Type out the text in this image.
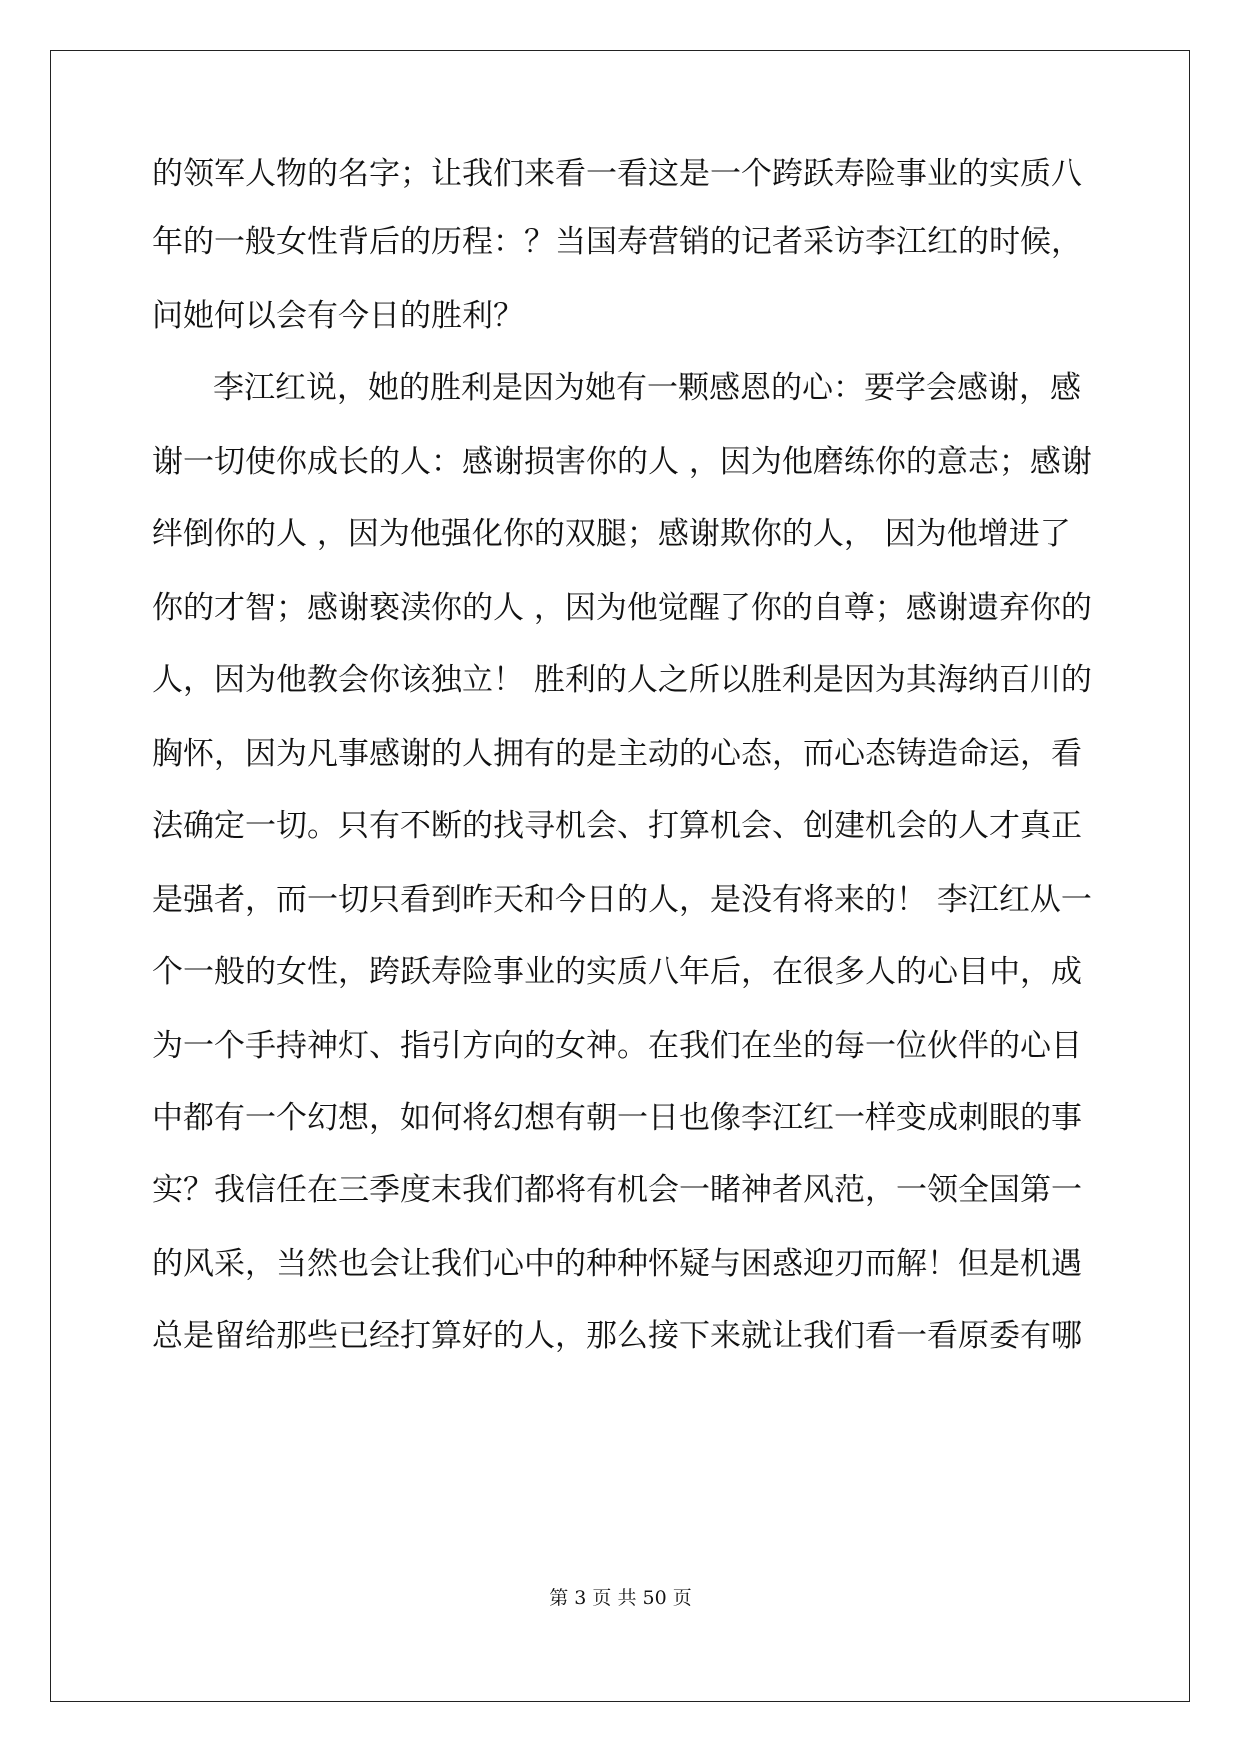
的领军人物的名字；让我们来看一看这是一个跨跃寿险事业的实质八
年的一般女性背后的历程：？当国寿营销的记者采访李江红的时候，
问她何以会有今日的胜利？
李江红说，她的胜利是因为她有一颗感恩的心：要学会感谢，感
谢一切使你成长的人：感谢损害你的人 ，因为他磨练你的意志；感谢
绊倒你的人 ，因为他强化你的双腿；感谢欺你的人， 因为他增进了
你的才智；感谢亵渎你的人 ，因为他觉醒了你的自尊；感谢遗弃你的
人，因为他教会你该独立！ 胜利的人之所以胜利是因为其海纳百川的
胸怀，因为凡事感谢的人拥有的是主动的心态，而心态铸造命运，看
法确定一切。只有不断的找寻机会、打算机会、创建机会的人才真正
是强者，而一切只看到昨天和今日的人，是没有将来的！ 李江红从一
个一般的女性，跨跃寿险事业的实质八年后，在很多人的心目中，成
为一个手持神灯、指引方向的女神。在我们在坐的每一位伙伴的心目
中都有一个幻想，如何将幻想有朝一日也像李江红一样变成刺眼的事
实？我信任在三季度末我们都将有机会一睹神者风范，一领全国第一
的风采，当然也会让我们心中的种种怀疑与困惑迎刃而解！但是机遇
总是留给那些已经打算好的人，那么接下来就让我们看一看原委有哪
第 3 页 共 50 页
